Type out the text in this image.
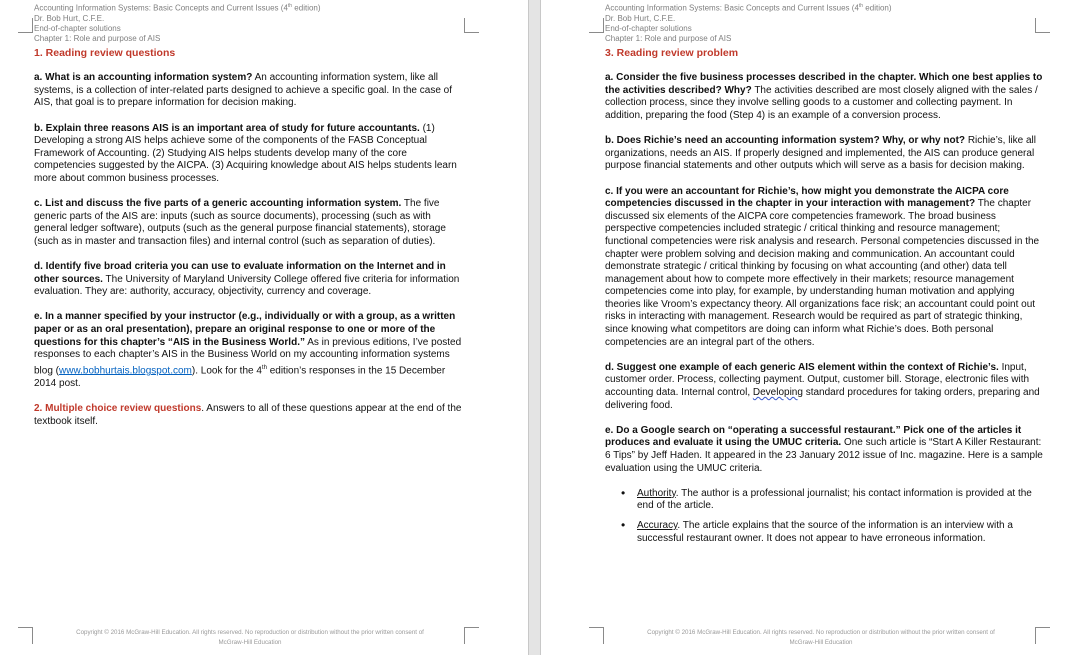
Accounting Information Systems: Basic Concepts and Current Issues (4th edition)
Dr. Bob Hurt, C.F.E.
End-of-chapter solutions
Chapter 1: Role and purpose of AIS
1. Reading review questions
a. What is an accounting information system? An accounting information system, like all systems, is a collection of inter-related parts designed to achieve a specific goal. In the case of AIS, that goal is to prepare information for decision making.
b. Explain three reasons AIS is an important area of study for future accountants. (1) Developing a strong AIS helps achieve some of the components of the FASB Conceptual Framework of Accounting. (2) Studying AIS helps students develop many of the core competencies suggested by the AICPA. (3) Acquiring knowledge about AIS helps students learn more about common business processes.
c. List and discuss the five parts of a generic accounting information system. The five generic parts of the AIS are: inputs (such as source documents), processing (such as with general ledger software), outputs (such as the general purpose financial statements), storage (such as in master and transaction files) and internal control (such as separation of duties).
d. Identify five broad criteria you can use to evaluate information on the Internet and in other sources. The University of Maryland University College offered five criteria for information evaluation. They are: authority, accuracy, objectivity, currency and coverage.
e. In a manner specified by your instructor (e.g., individually or with a group, as a written paper or as an oral presentation), prepare an original response to one or more of the questions for this chapter’s “AIS in the Business World.” As in previous editions, I’ve posted responses to each chapter’s AIS in the Business World on my accounting information systems blog (www.bobhurtais.blogspot.com). Look for the 4th edition’s responses in the 15 December 2014 post.
2. Multiple choice review questions. Answers to all of these questions appear at the end of the textbook itself.
Copyright © 2016 McGraw-Hill Education. All rights reserved. No reproduction or distribution without the prior written consent of
McGraw-Hill Education
Accounting Information Systems: Basic Concepts and Current Issues (4th edition)
Dr. Bob Hurt, C.F.E.
End-of-chapter solutions
Chapter 1: Role and purpose of AIS
3. Reading review problem
a. Consider the five business processes described in the chapter. Which one best applies to the activities described? Why? The activities described are most closely aligned with the sales / collection process, since they involve selling goods to a customer and collecting payment. In addition, preparing the food (Step 4) is an example of a conversion process.
b. Does Richie’s need an accounting information system? Why, or why not? Richie’s, like all organizations, needs an AIS. If properly designed and implemented, the AIS can produce general purpose financial statements and other outputs which will serve as a basis for decision making.
c. If you were an accountant for Richie’s, how might you demonstrate the AICPA core competencies discussed in the chapter in your interaction with management? The chapter discussed six elements of the AICPA core competencies framework. The broad business perspective competencies included strategic / critical thinking and resource management; functional competencies were risk analysis and research. Personal competencies discussed in the chapter were problem solving and decision making and communication. An accountant could demonstrate strategic / critical thinking by focusing on what accounting (and other) data tell management about how to compete more effectively in their markets; resource management competencies come into play, for example, by understanding human motivation and applying theories like Vroom’s expectancy theory. All organizations face risk; an accountant could point out risks in interacting with management. Research would be required as part of strategic thinking, since knowing what competitors are doing can inform what Richie’s does. Both personal competencies are an integral part of the others.
d. Suggest one example of each generic AIS element within the context of Richie’s. Input, customer order. Process, collecting payment. Output, customer bill. Storage, electronic files with accounting data. Internal control, Developing standard procedures for taking orders, preparing and delivering food.
e. Do a Google search on “operating a successful restaurant.” Pick one of the articles it produces and evaluate it using the UMUC criteria. One such article is “Start A Killer Restaurant: 6 Tips” by Jeff Haden. It appeared in the 23 January 2012 issue of Inc. magazine. Here is a sample evaluation using the UMUC criteria.
• Authority. The author is a professional journalist; his contact information is provided at the end of the article.
• Accuracy. The article explains that the source of the information is an interview with a successful restaurant owner. It does not appear to have erroneous information.
Copyright © 2016 McGraw-Hill Education. All rights reserved. No reproduction or distribution without the prior written consent of
McGraw-Hill Education
